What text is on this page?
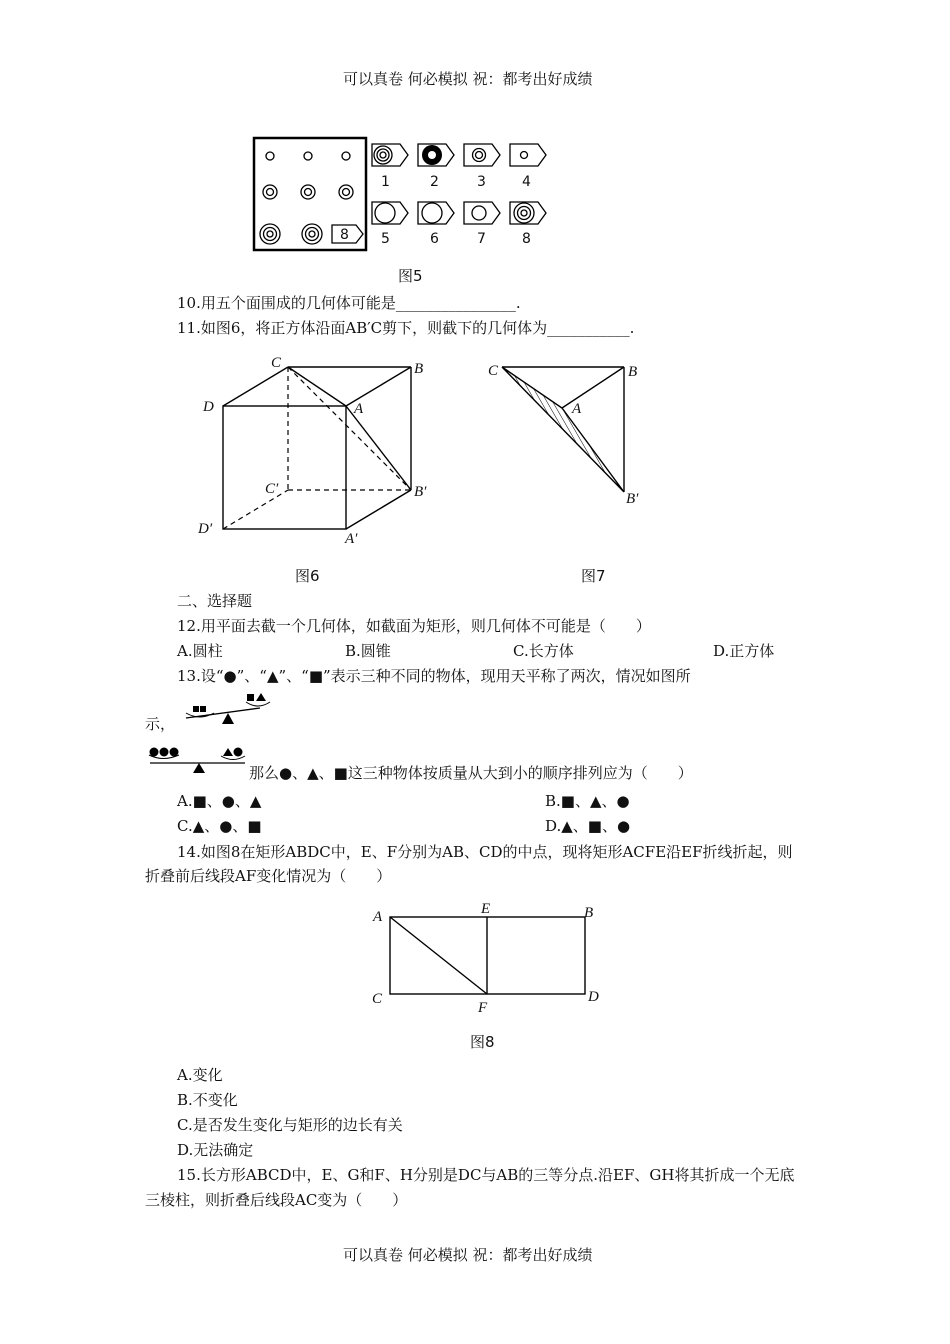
可以真卷 何必模拟 祝：都考出好成绩
8
1	2	3	4
5	6	7	8
图5
10.用五个面围成的几何体可能是________________.
11.如图6，将正方体沿面AB′C剪下，则截下的几何体为___________.
C	B
D	A
C′	B′
D′
A′
C	B
A
B′
图6	图7
二、选择题
12.用平面去截一个几何体，如截面为矩形，则几何体不可能是（　　）
A.圆柱	B.圆锥	C.长方体	D.正方体
13.设“●”、“▲”、“■”表示三种不同的物体，现用天平称了两次，情况如图所
示，
那么●、▲、■这三种物体按质量从大到小的顺序排列应为（　　）
A.■、●、▲	B.■、▲、●
C.▲、●、■	D.▲、■、●
14.如图8在矩形ABDC中，E、F分别为AB、CD的中点，现将矩形ACFE沿EF折线折起，则
折叠前后线段AF变化情况为（　　）
A	E	B
C
F
D
图8
A.变化
B.不变化
C.是否发生变化与矩形的边长有关
D.无法确定
15.长方形ABCD中，E、G和F、H分别是DC与AB的三等分点.沿EF、GH将其折成一个无底
三棱柱，则折叠后线段AC变为（　　）
可以真卷 何必模拟 祝：都考出好成绩
